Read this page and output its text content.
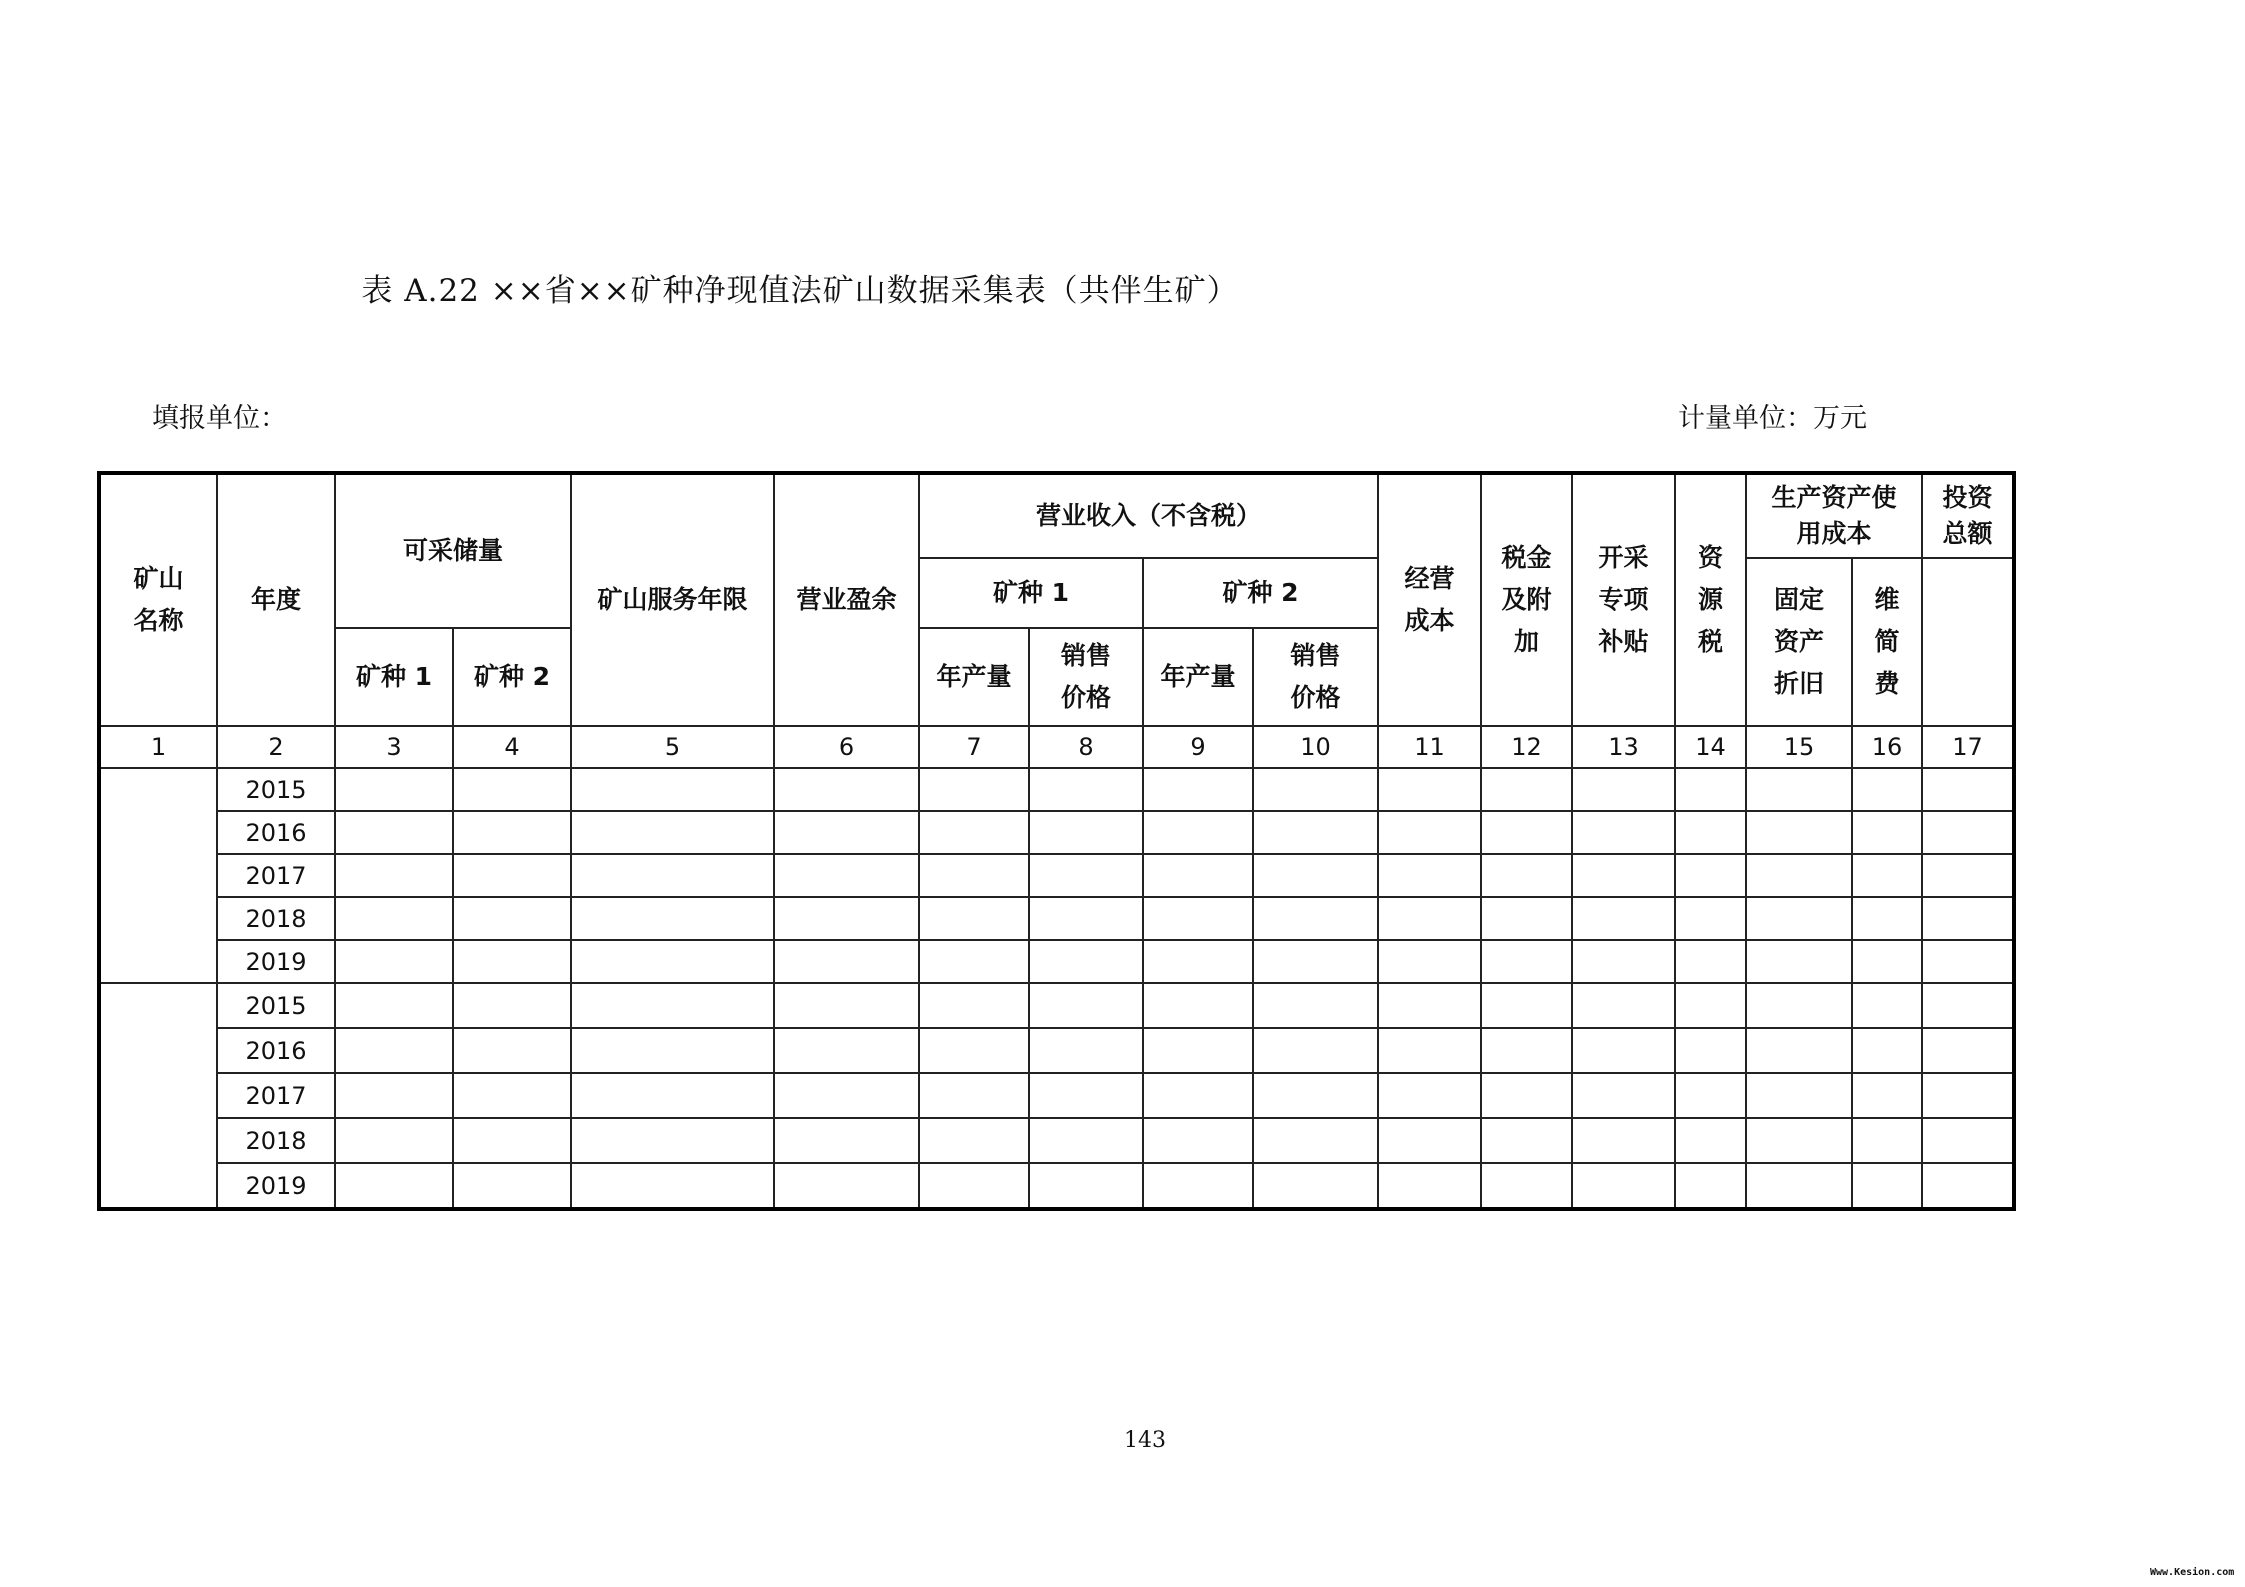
表 A.22 ××省××矿种净现值法矿山数据采集表（共伴生矿）
填报单位：	计量单位：万元
矿山名称	年度	可采储量		矿山服务年限	营业盈余	营业收入（不含税）				经营成本	税金及附加	开采专项补贴	资源税	生产资产使用成本		投资总额
						矿种 1		矿种 2						固定资产折旧	维简费	
		矿种 1	矿种 2			年产量	销售价格	年产量	销售价格							
1	2	3	4	5	6	7	8	9	10	11	12	13	14	15	16	17
	2015															
	2016															
	2017															
	2018															
	2019															
	2015															
	2016															
	2017															
	2018															
	2019															
143
Www.Kesion.com
